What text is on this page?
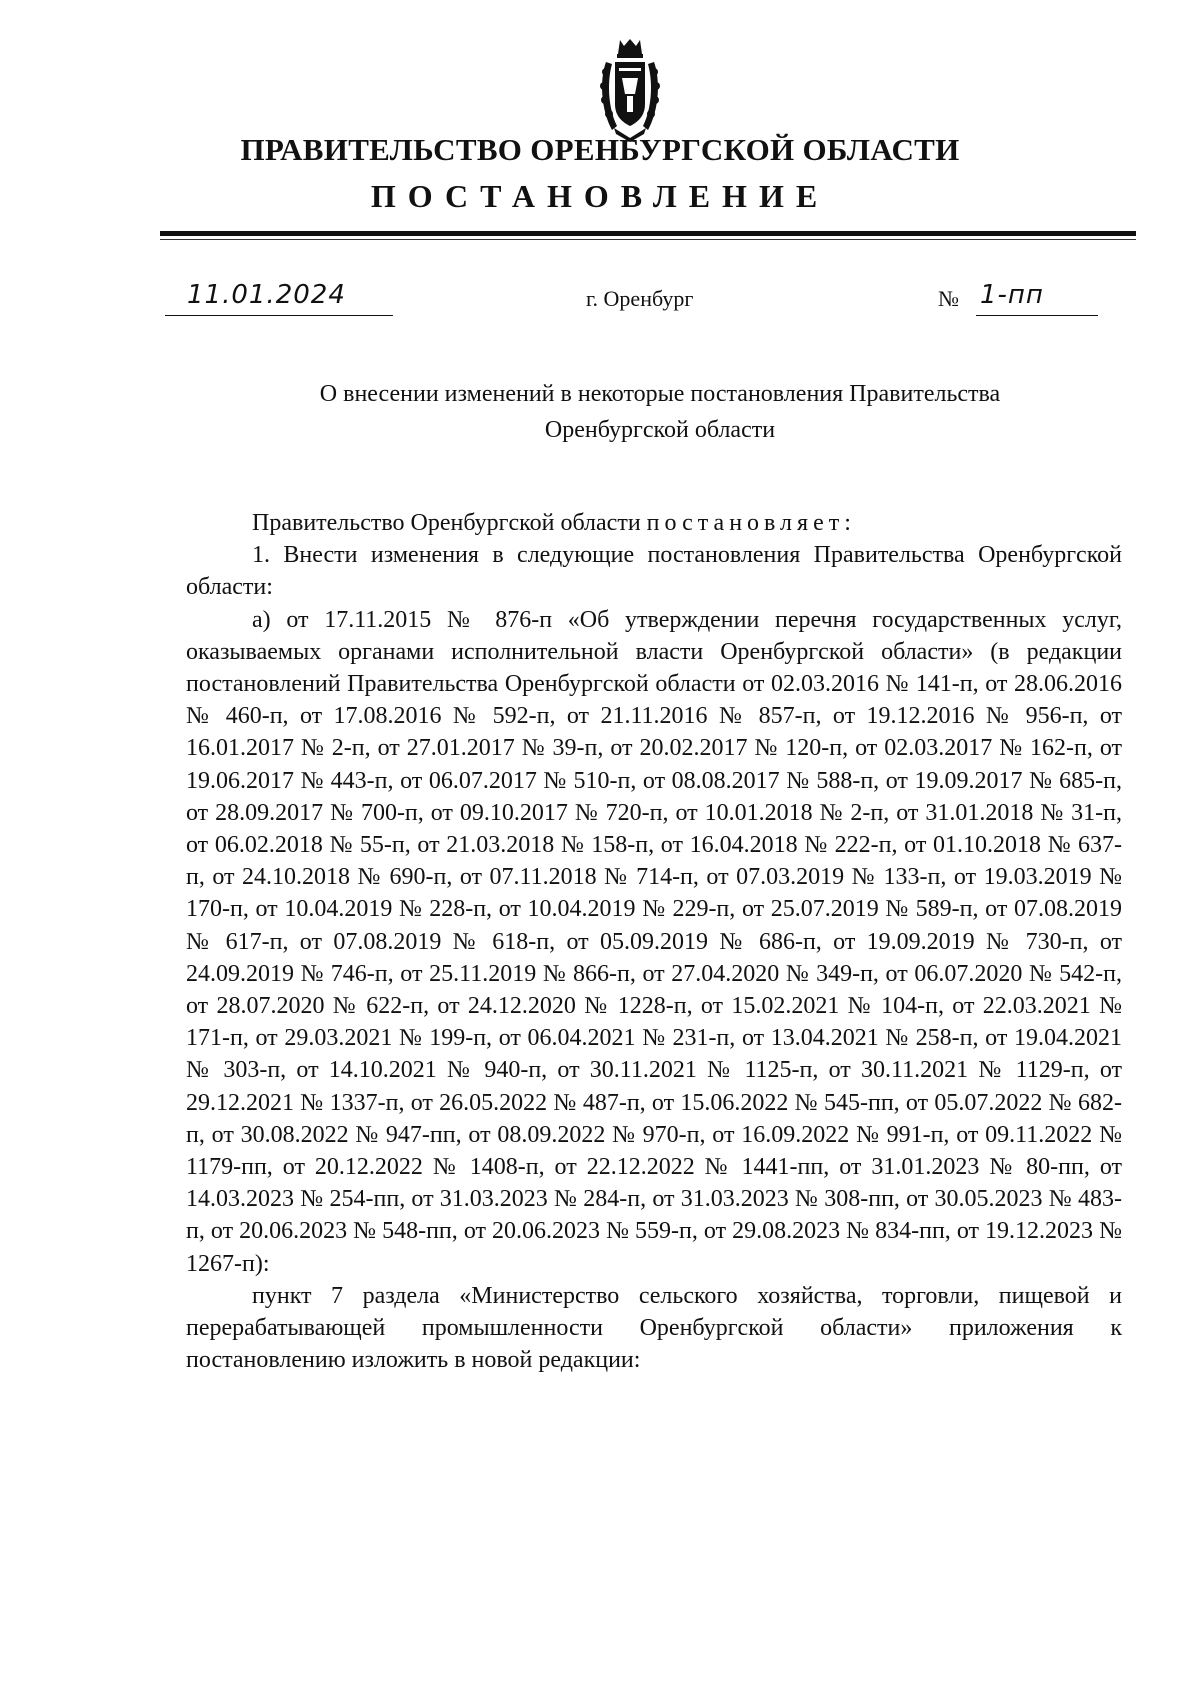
ПРАВИТЕЛЬСТВО ОРЕНБУРГСКОЙ ОБЛАСТИ
ПОСТАНОВЛЕНИЕ
11.01.2024	г. Оренбург	№ 1-пп
О внесении изменений в некоторые постановления Правительства
Оренбургской области

Правительство Оренбургской области постановляет:

1. Внести изменения в следующие постановления Правительства Оренбургской области:

а) от 17.11.2015 № 876-п «Об утверждении перечня государственных услуг, оказываемых органами исполнительной власти Оренбургской области» (в редакции постановлений Правительства Оренбургской области от 02.03.2016 № 141-п, от 28.06.2016 № 460-п, от 17.08.2016 № 592-п, от 21.11.2016 № 857-п, от 19.12.2016 № 956-п, от 16.01.2017 № 2-п, от 27.01.2017 № 39-п, от 20.02.2017 № 120-п, от 02.03.2017 № 162-п, от 19.06.2017 № 443-п, от 06.07.2017 № 510-п, от 08.08.2017 № 588-п, от 19.09.2017 № 685-п, от 28.09.2017 № 700-п, от 09.10.2017 № 720-п, от 10.01.2018 № 2-п, от 31.01.2018 № 31-п, от 06.02.2018 № 55-п, от 21.03.2018 № 158-п, от 16.04.2018 № 222-п, от 01.10.2018 № 637-п, от 24.10.2018 № 690-п, от 07.11.2018 № 714-п, от 07.03.2019 № 133-п, от 19.03.2019 № 170-п, от 10.04.2019 № 228-п, от 10.04.2019 № 229-п, от 25.07.2019 № 589-п, от 07.08.2019 № 617-п, от 07.08.2019 № 618-п, от 05.09.2019 № 686-п, от 19.09.2019 № 730-п, от 24.09.2019 № 746-п, от 25.11.2019 № 866-п, от 27.04.2020 № 349-п, от 06.07.2020 № 542-п, от 28.07.2020 № 622-п, от 24.12.2020 № 1228-п, от 15.02.2021 № 104-п, от 22.03.2021 № 171-п, от 29.03.2021 № 199-п, от 06.04.2021 № 231-п, от 13.04.2021 № 258-п, от 19.04.2021 № 303-п, от 14.10.2021 № 940-п, от 30.11.2021 № 1125-п, от 30.11.2021 № 1129-п, от 29.12.2021 № 1337-п, от 26.05.2022 № 487-п, от 15.06.2022 № 545-пп, от 05.07.2022 № 682-п, от 30.08.2022 № 947-пп, от 08.09.2022 № 970-п, от 16.09.2022 № 991-п, от 09.11.2022 № 1179-пп, от 20.12.2022 № 1408-п, от 22.12.2022 № 1441-пп, от 31.01.2023 № 80-пп, от 14.03.2023 № 254-пп, от 31.03.2023 № 284-п, от 31.03.2023 № 308-пп, от 30.05.2023 № 483-п, от 20.06.2023 № 548-пп, от 20.06.2023 № 559-п, от 29.08.2023 № 834-пп, от 19.12.2023 № 1267-п):

пункт 7 раздела «Министерство сельского хозяйства, торговли, пищевой и перерабатывающей промышленности Оренбургской области» приложения к постановлению изложить в новой редакции:
